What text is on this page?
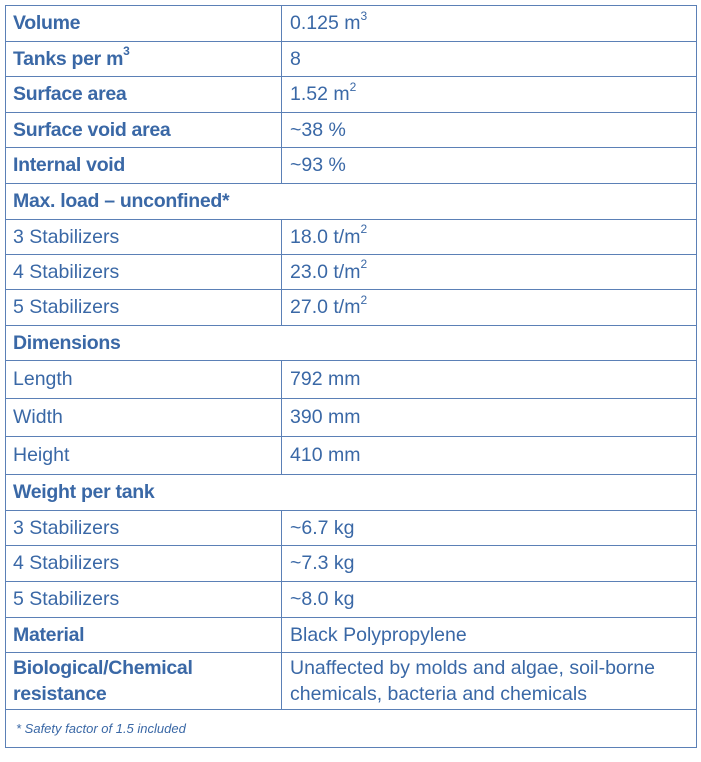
Volume	0.125 $m^3$
Tanks per $m^3$	8
Surface area	1.52 $m^2$
Surface void area	~38 %
Internal void	~93 %
Max. load – unconfined*	
3 Stabilizers	18.0 $t/m^2$
4 Stabilizers	23.0 $t/m^2$
5 Stabilizers	27.0 $t/m^2$
Dimensions	
Length	792 mm
Width	390 mm
Height	410 mm
Weight per tank	
3 Stabilizers	~6.7 kg
4 Stabilizers	~7.3 kg
5 Stabilizers	~8.0 kg
Material	Black Polypropylene
Biological/Chemical resistance	Unaffected by molds and algae, soil-borne chemicals, bacteria and chemicals
* Safety factor of 1.5 included	
